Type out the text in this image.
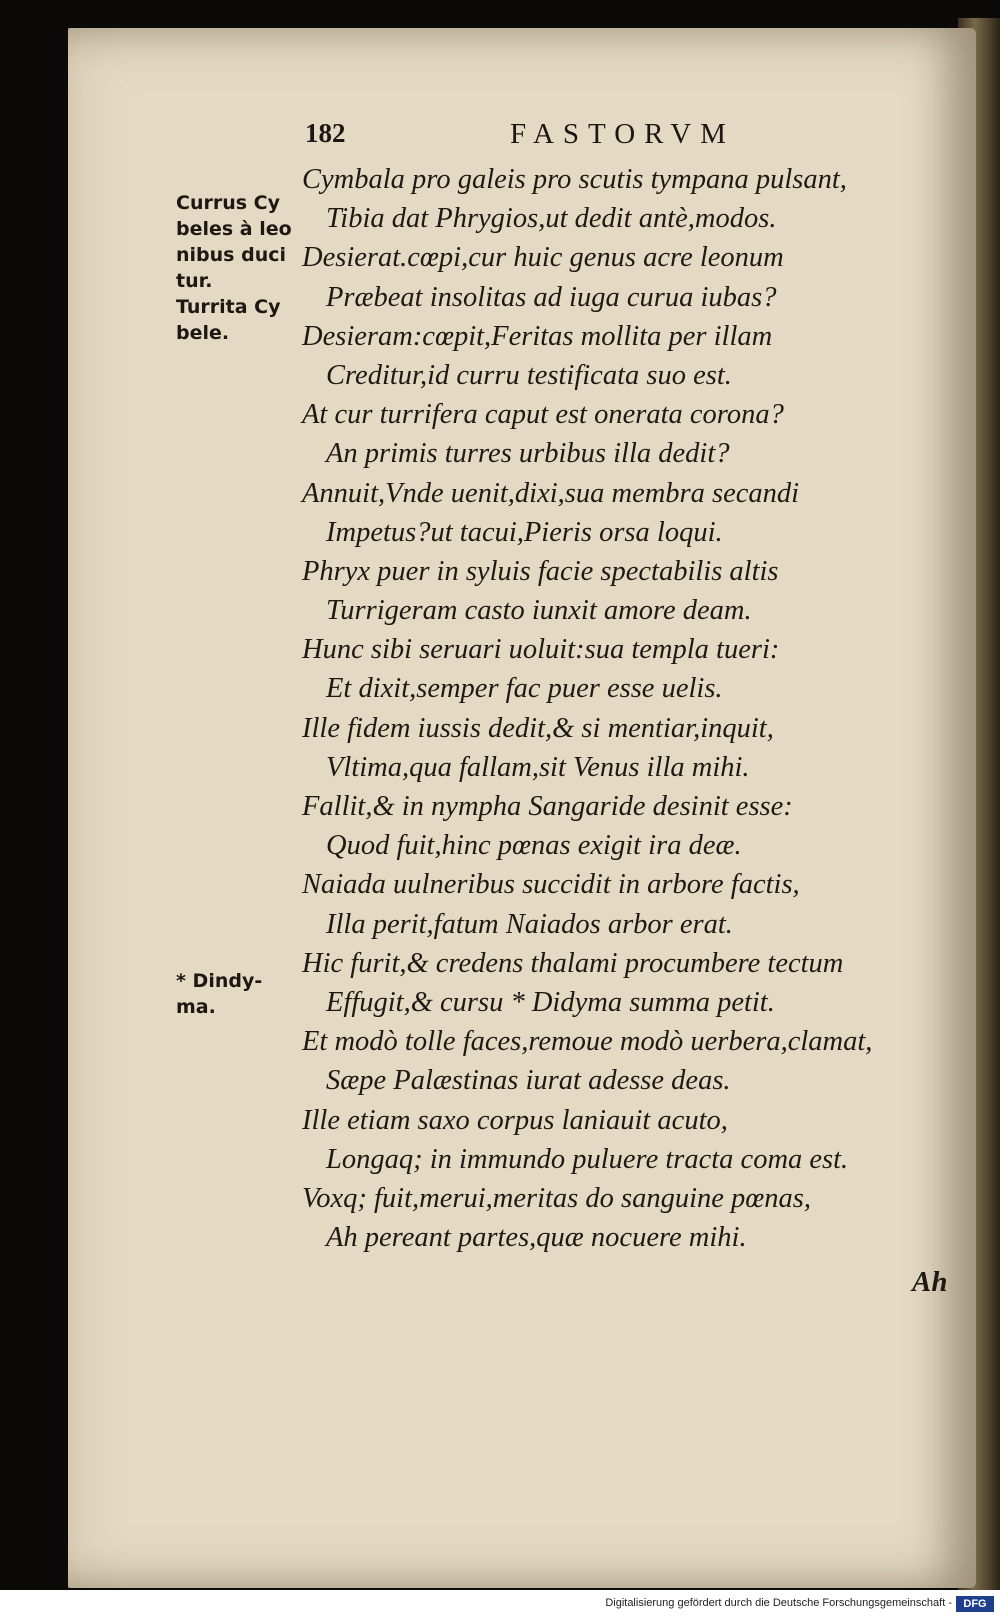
182	FASTORVM
Currus Cy
beles à leo
nibus duci
tur.
Turrita Cy
bele.
* Dindy-
ma.
Cymbala pro galeis pro scutis tympana pulsant,
Tibia dat Phrygios,ut dedit antè,modos.
Desierat.cœpi,cur huic genus acre leonum
Præbeat insolitas ad iuga curua iubas?
Desieram:cœpit,Feritas mollita per illam
Creditur,id curru testificata suo est.
At cur turrifera caput est onerata corona?
An primis turres urbibus illa dedit?
Annuit,Vnde uenit,dixi,sua membra secandi
Impetus?ut tacui,Pieris orsa loqui.
Phryx puer in syluis facie spectabilis altis
Turrigeram casto iunxit amore deam.
Hunc sibi seruari uoluit:sua templa tueri:
Et dixit,semper fac puer esse uelis.
Ille fidem iussis dedit,& si mentiar,inquit,
Vltima,qua fallam,sit Venus illa mihi.
Fallit,& in nympha Sangaride desinit esse:
Quod fuit,hinc pœnas exigit ira deæ.
Naiada uulneribus succidit in arbore factis,
Illa perit,fatum Naiados arbor erat.
Hic furit,& credens thalami procumbere tectum
Effugit,& cursu * Didyma summa petit.
Et modò tolle faces,remoue modò uerbera,clamat,
Sæpe Palæstinas iurat adesse deas.
Ille etiam saxo corpus laniauit acuto,
Longaq; in immundo puluere tracta coma est.
Voxq; fuit,merui,meritas do sanguine pœnas,
Ah pereant partes,quæ nocuere mihi.
Ah
Digitalisierung gefördert durch die Deutsche Forschungsgemeinschaft -	DFG
